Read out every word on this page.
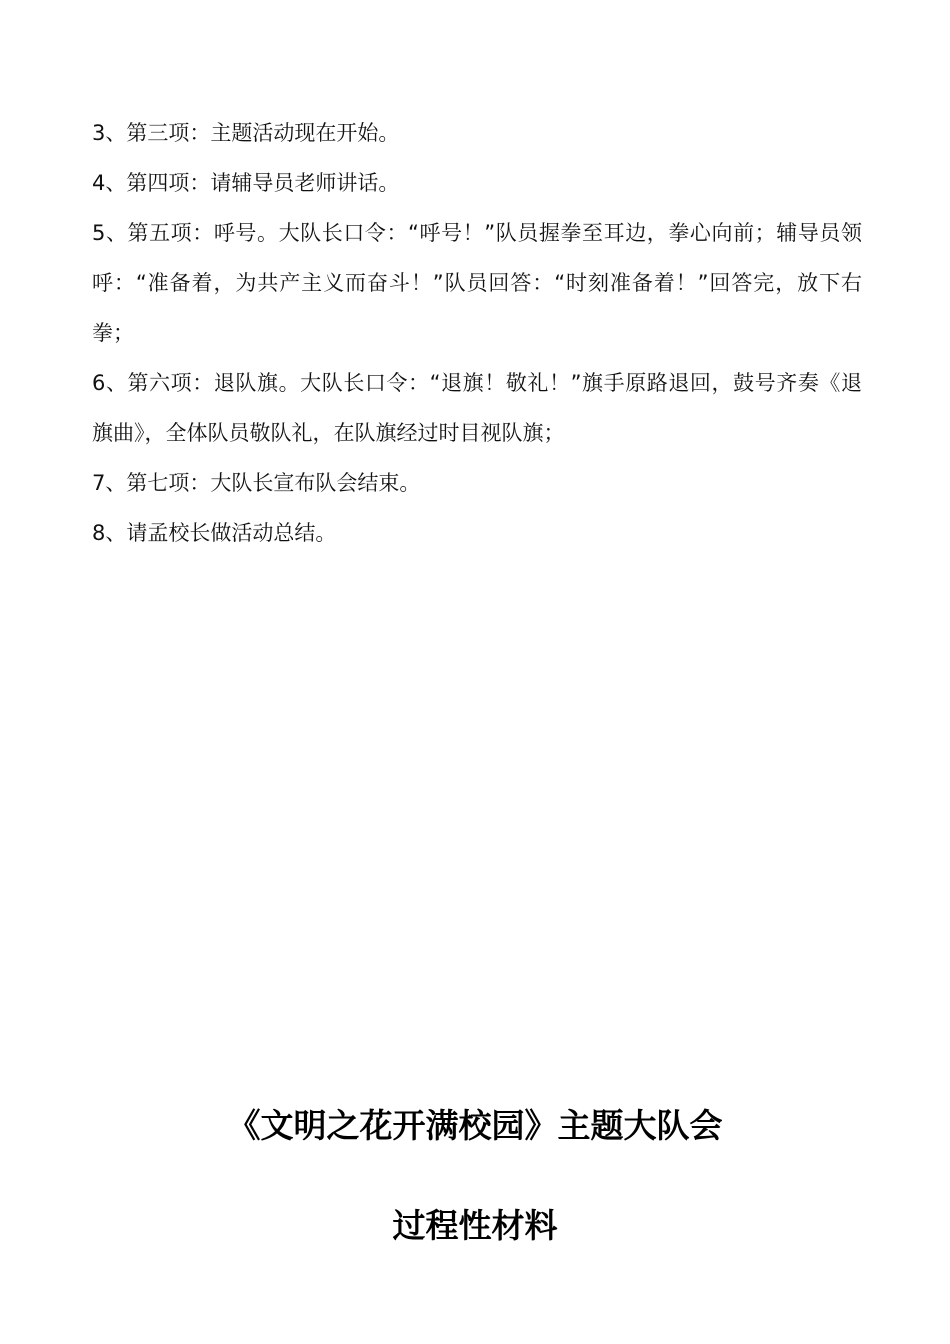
3、第三项：主题活动现在开始。

4、第四项：请辅导员老师讲话。

5、第五项：呼号。大队长口令：“呼号！”队员握拳至耳边，拳心向前；辅导员领呼：“准备着，为共产主义而奋斗！”队员回答：“时刻准备着！”回答完，放下右拳；

6、第六项：退队旗。大队长口令：“退旗！敬礼！”旗手原路退回，鼓号齐奏《退旗曲》，全体队员敬队礼，在队旗经过时目视队旗；

7、第七项：大队长宣布队会结束。

8、请孟校长做活动总结。

《文明之花开满校园》主题大队会
过程性材料
